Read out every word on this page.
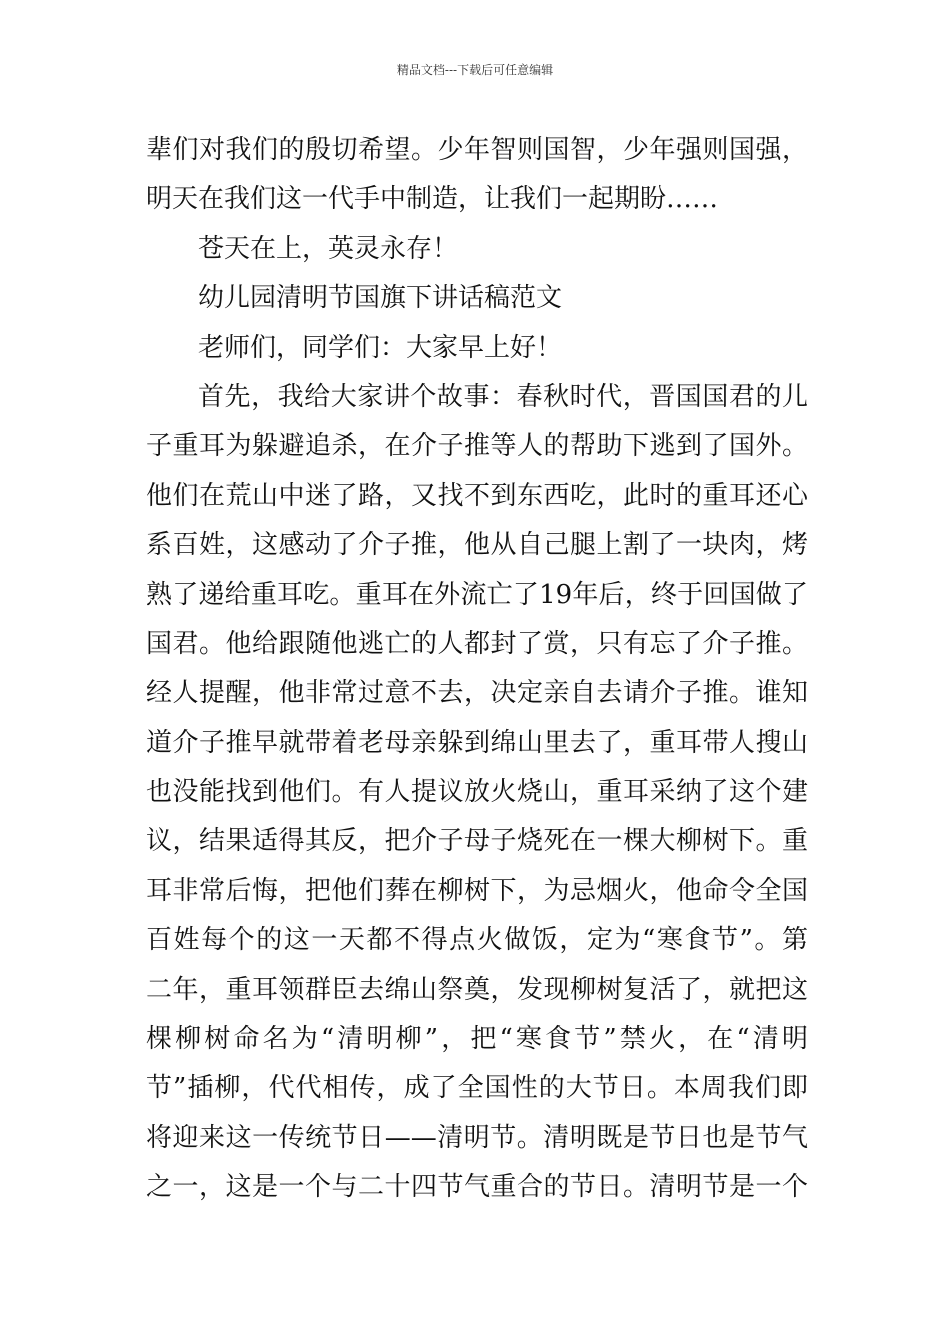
精品文档---下载后可任意编辑
辈们对我们的殷切希望。少年智则国智，少年强则国强，
明天在我们这一代手中制造，让我们一起期盼……
苍天在上，英灵永存！
幼儿园清明节国旗下讲话稿范文
老师们，同学们：大家早上好！
首先，我给大家讲个故事：春秋时代，晋国国君的儿
子重耳为躲避追杀，在介子推等人的帮助下逃到了国外。
他们在荒山中迷了路，又找不到东西吃，此时的重耳还心
系百姓，这感动了介子推，他从自己腿上割了一块肉，烤
熟了递给重耳吃。重耳在外流亡了19年后，终于回国做了
国君。他给跟随他逃亡的人都封了赏，只有忘了介子推。
经人提醒，他非常过意不去，决定亲自去请介子推。谁知
道介子推早就带着老母亲躲到绵山里去了，重耳带人搜山
也没能找到他们。有人提议放火烧山，重耳采纳了这个建
议，结果适得其反，把介子母子烧死在一棵大柳树下。重
耳非常后悔，把他们葬在柳树下，为忌烟火，他命令全国
百姓每个的这一天都不得点火做饭，定为“寒食节”。第
二年，重耳领群臣去绵山祭奠，发现柳树复活了，就把这
棵柳树命名为“清明柳”，把“寒食节”禁火，在“清明
节”插柳，代代相传，成了全国性的大节日。本周我们即
将迎来这一传统节日——清明节。清明既是节日也是节气
之一，这是一个与二十四节气重合的节日。清明节是一个
